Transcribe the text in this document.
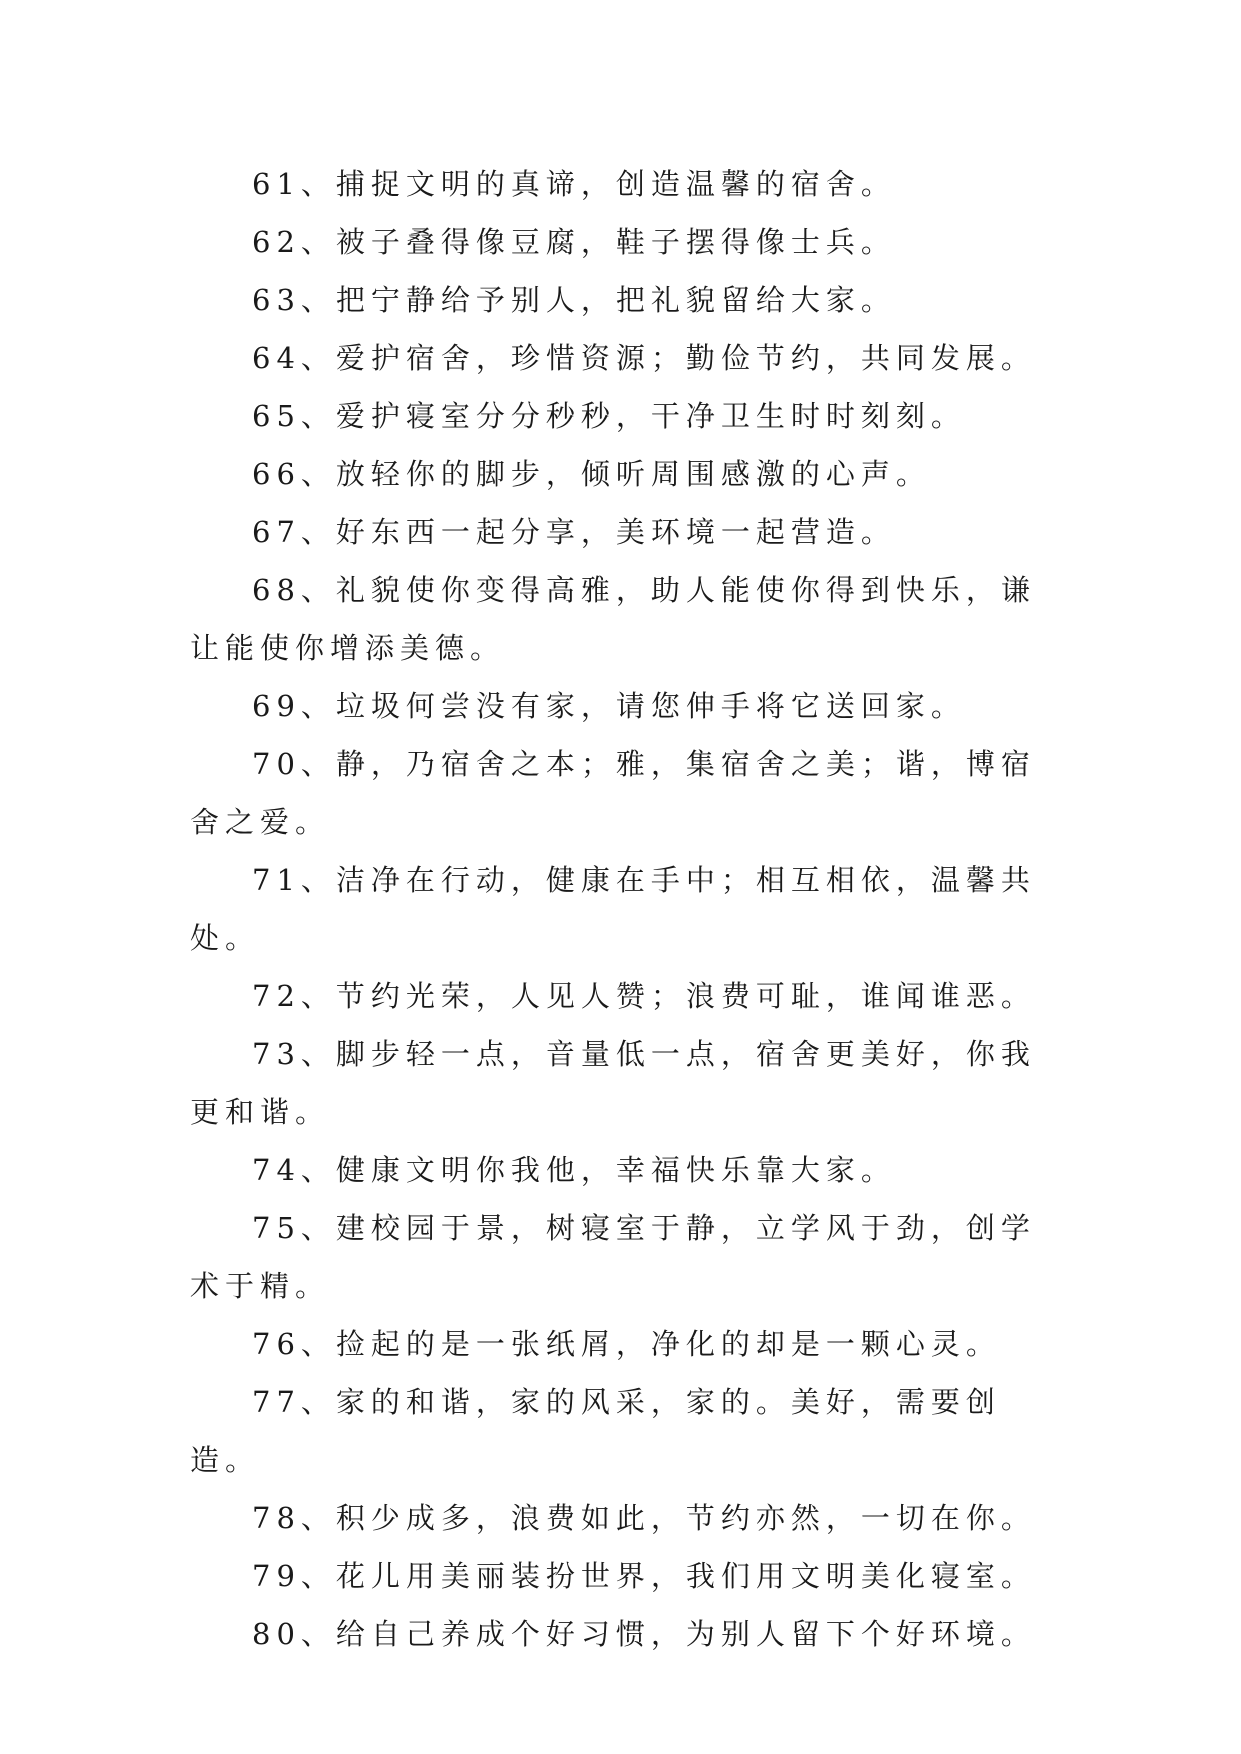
61、捕捉文明的真谛，创造温馨的宿舍。

62、被子叠得像豆腐，鞋子摆得像士兵。

63、把宁静给予别人，把礼貌留给大家。

64、爱护宿舍，珍惜资源；勤俭节约，共同发展。

65、爱护寝室分分秒秒，干净卫生时时刻刻。

66、放轻你的脚步，倾听周围感激的心声。

67、好东西一起分享，美环境一起营造。

68、礼貌使你变得高雅，助人能使你得到快乐，谦让能使你增添美德。

69、垃圾何尝没有家，请您伸手将它送回家。

70、静，乃宿舍之本；雅，集宿舍之美；谐，博宿舍之爱。

71、洁净在行动，健康在手中；相互相依，温馨共处。

72、节约光荣，人见人赞；浪费可耻，谁闻谁恶。

73、脚步轻一点，音量低一点，宿舍更美好，你我更和谐。

74、健康文明你我他，幸福快乐靠大家。

75、建校园于景，树寝室于静，立学风于劲，创学术于精。

76、捡起的是一张纸屑，净化的却是一颗心灵。

77、家的和谐，家的风采，家的。美好，需要创造。

78、积少成多，浪费如此，节约亦然，一切在你。

79、花儿用美丽装扮世界，我们用文明美化寝室。

80、给自己养成个好习惯，为别人留下个好环境。
